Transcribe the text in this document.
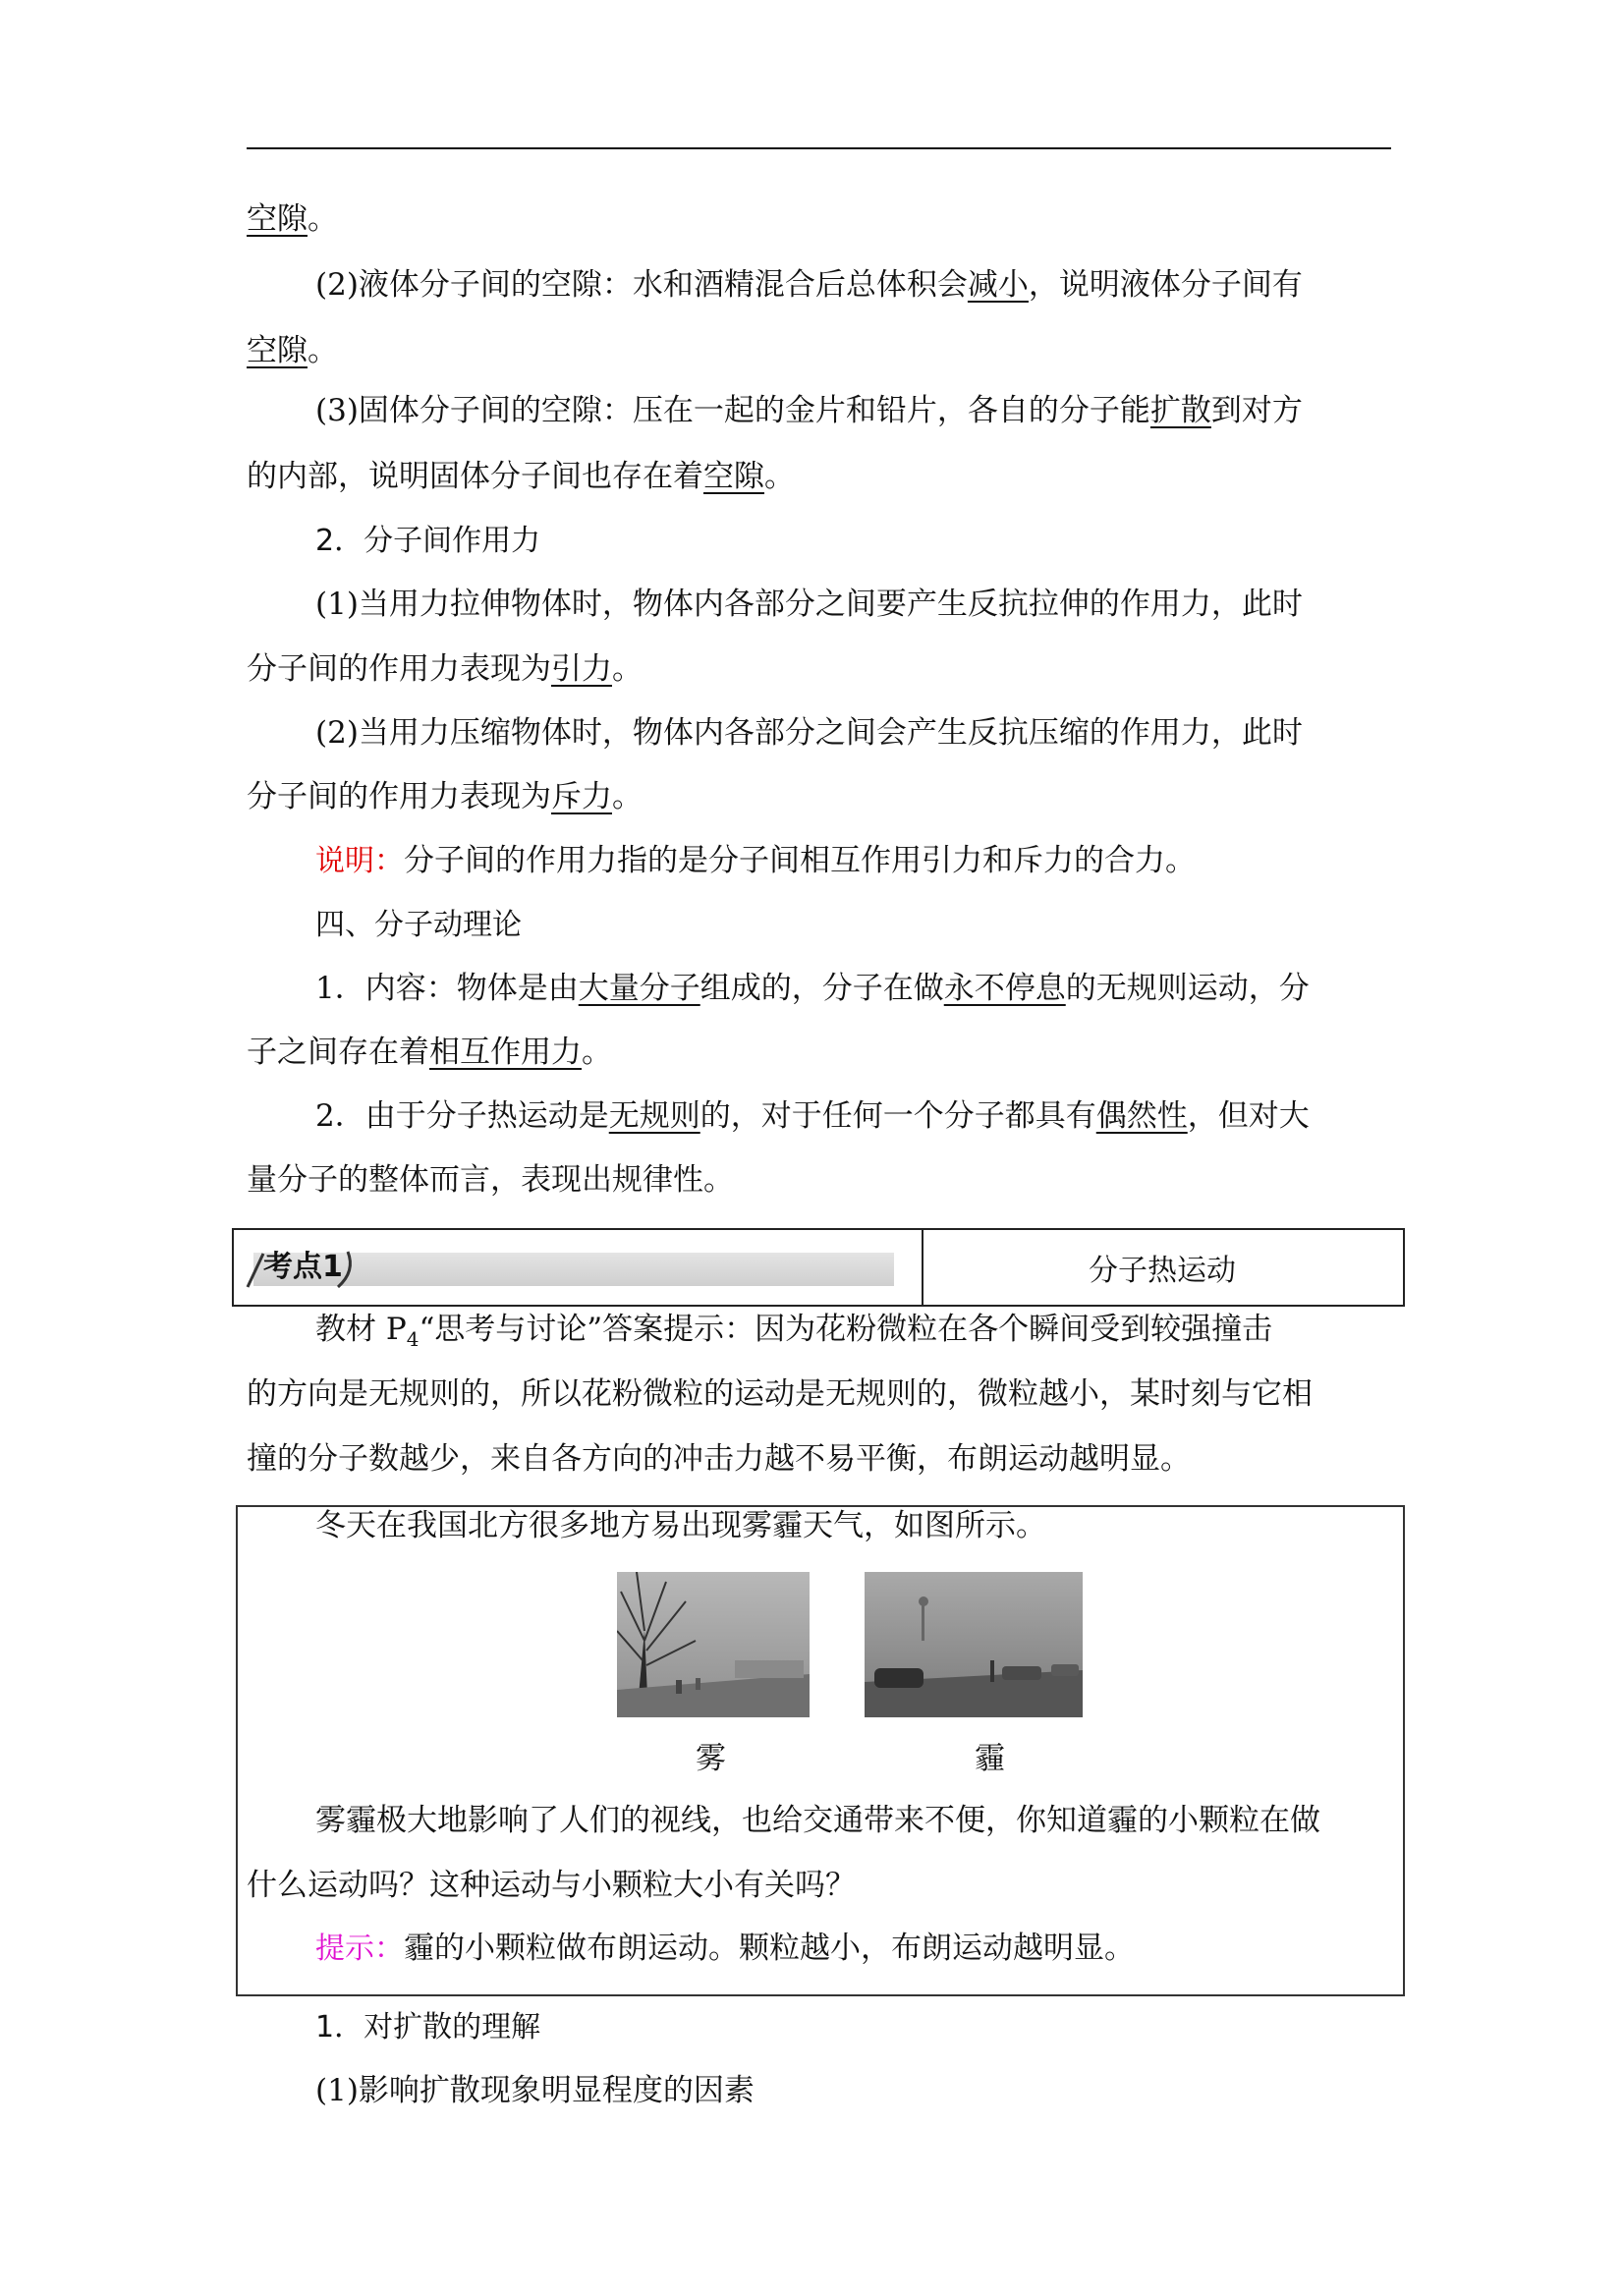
空隙。
(2)液体分子间的空隙：水和酒精混合后总体积会减小，说明液体分子间有
空隙。
(3)固体分子间的空隙：压在一起的金片和铅片，各自的分子能扩散到对方
的内部，说明固体分子间也存在着空隙。
2．分子间作用力
(1)当用力拉伸物体时，物体内各部分之间要产生反抗拉伸的作用力，此时
分子间的作用力表现为引力。
(2)当用力压缩物体时，物体内各部分之间会产生反抗压缩的作用力，此时
分子间的作用力表现为斥力。
说明：分子间的作用力指的是分子间相互作用引力和斥力的合力。
四、分子动理论
1．内容：物体是由大量分子组成的，分子在做永不停息的无规则运动，分
子之间存在着相互作用力。
2．由于分子热运动是无规则的，对于任何一个分子都具有偶然性，但对大
量分子的整体而言，表现出规律性。
考点1	分子热运动
教材 $P_4“$思考与讨论”答案提示：因为花粉微粒在各个瞬间受到较强撞击
的方向是无规则的，所以花粉微粒的运动是无规则的，微粒越小，某时刻与它相
撞的分子数越少，来自各方向的冲击力越不易平衡，布朗运动越明显。
冬天在我国北方很多地方易出现雾霾天气，如图所示。
雾	霾
雾霾极大地影响了人们的视线，也给交通带来不便，你知道霾的小颗粒在做
什么运动吗？这种运动与小颗粒大小有关吗？
提示：霾的小颗粒做布朗运动。颗粒越小，布朗运动越明显。
1．对扩散的理解
(1)影响扩散现象明显程度的因素
